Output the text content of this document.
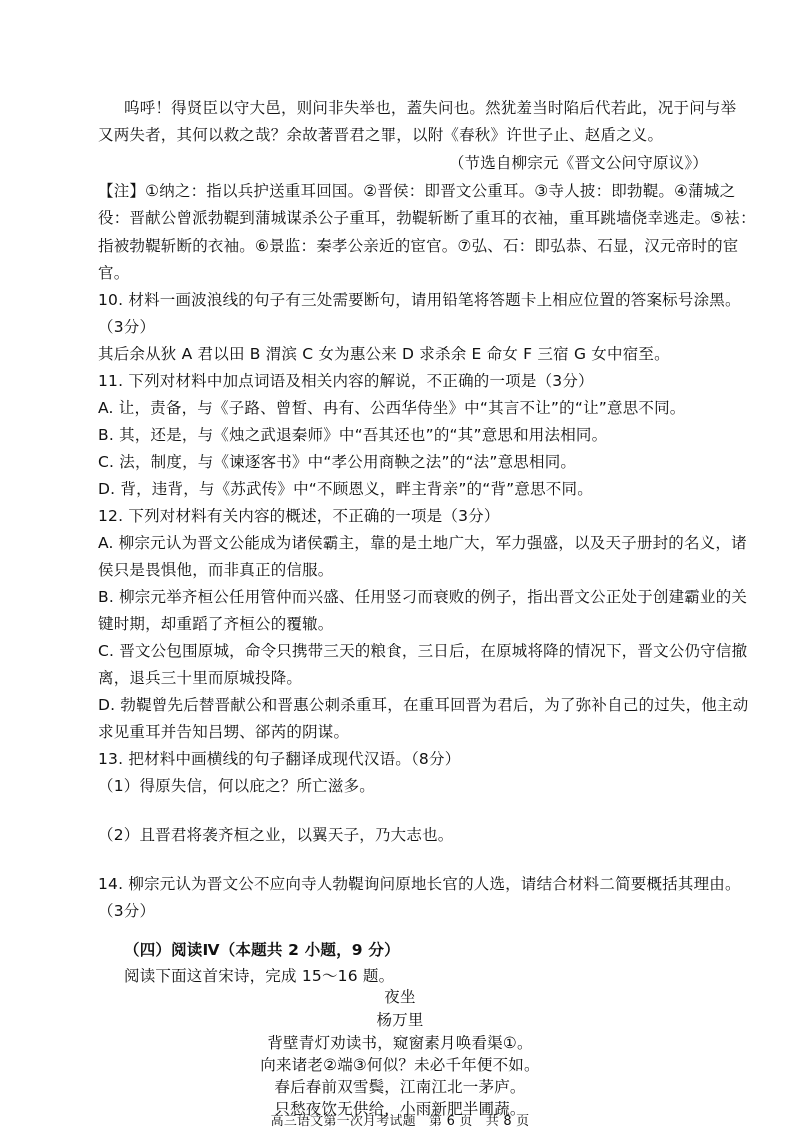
呜呼！得贤臣以守大邑，则问非失举也，蓋失问也。然犹羞当时陷后代若此，况于问与举
又两失者，其何以救之哉？余故著晋君之罪，以附《春秋》许世子止、赵盾之义。
（节选自柳宗元《晋文公问守原议》）
【注】①纳之：指以兵护送重耳回国。②晋侯：即晋文公重耳。③寺人披：即勃鞮。④蒲城之
役：晋献公曾派勃鞮到蒲城谋杀公子重耳，勃鞮斩断了重耳的衣袖，重耳跳墙侥幸逃走。⑤袪：
指被勃鞮斩断的衣袖。⑥景监：秦孝公亲近的宦官。⑦弘、石：即弘恭、石显，汉元帝时的宦
官。
10. 材料一画波浪线的句子有三处需要断句，请用铅笔将答题卡上相应位置的答案标号涂黑。
（3分）
其后余从狄 A 君以田 B 渭滨 C 女为惠公来 D 求杀余 E 命女 F 三宿 G 女中宿至。
11. 下列对材料中加点词语及相关内容的解说，不正确的一项是（3分）
A. 让，责备，与《子路、曾皙、冉有、公西华侍坐》中“其言不让”的“让”意思不同。
B. 其，还是，与《烛之武退秦师》中“吾其还也”的“其”意思和用法相同。
C. 法，制度，与《谏逐客书》中“孝公用商鞅之法”的“法”意思相同。
D. 背，违背，与《苏武传》中“不顾恩义，畔主背亲”的“背”意思不同。
12. 下列对材料有关内容的概述，不正确的一项是（3分）
A. 柳宗元认为晋文公能成为诸侯霸主，靠的是土地广大，军力强盛，以及天子册封的名义，诸
侯只是畏惧他，而非真正的信服。
B. 柳宗元举齐桓公任用管仲而兴盛、任用竖刁而衰败的例子，指出晋文公正处于创建霸业的关
键时期，却重蹈了齐桓公的覆辙。
C. 晋文公包围原城，命令只携带三天的粮食，三日后，在原城将降的情况下，晋文公仍守信撤
离，退兵三十里而原城投降。
D. 勃鞮曾先后替晋献公和晋惠公刺杀重耳，在重耳回晋为君后，为了弥补自己的过失，他主动
求见重耳并告知吕甥、郤芮的阴谋。
13. 把材料中画横线的句子翻译成现代汉语。（8分）
（1）得原失信，何以庇之？所亡滋多。
（2）且晋君将袭齐桓之业，以翼天子，乃大志也。
14. 柳宗元认为晋文公不应向寺人勃鞮询问原地长官的人选，请结合材料二简要概括其理由。
（3分）
（四）阅读Ⅳ（本题共 2 小题，9 分）
阅读下面这首宋诗，完成 15～16 题。
夜坐
杨万里
背壁青灯劝读书，窥窗素月唤看渠①。
向来诸老②端③何似？未必千年便不如。
春后春前双雪鬓，江南江北一茅庐。
只愁夜饮无供给，小雨新肥半圃蔬。
高三语文第一次月考试题　第 6 页　共 8 页
